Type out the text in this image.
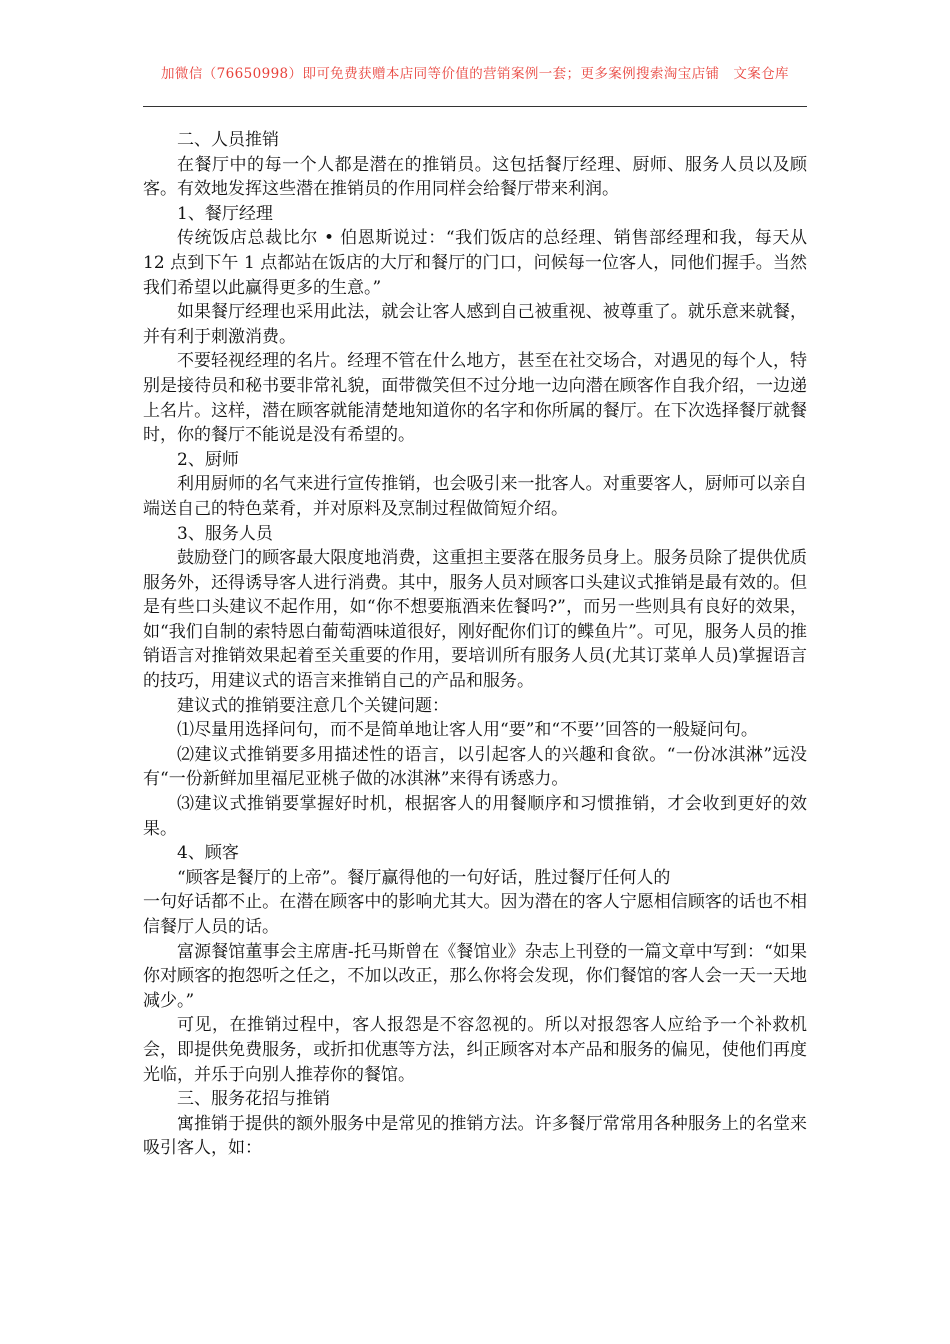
加微信（76650998）即可免费获赠本店同等价值的营销案例一套；更多案例搜索淘宝店铺　文案仓库

二、人员推销

在餐厅中的每一个人都是潜在的推销员。这包括餐厅经理、厨师、服务人员以及顾客。有效地发挥这些潜在推销员的作用同样会给餐厅带来利润。

1、餐厅经理

传统饭店总裁比尔 • 伯恩斯说过：“我们饭店的总经理、销售部经理和我，每天从 12 点到下午 1 点都站在饭店的大厅和餐厅的门口，问候每一位客人，同他们握手。当然我们希望以此赢得更多的生意。”

如果餐厅经理也采用此法，就会让客人感到自己被重视、被尊重了。就乐意来就餐，并有利于刺激消费。

不要轻视经理的名片。经理不管在什么地方，甚至在社交场合，对遇见的每个人，特别是接待员和秘书要非常礼貌，面带微笑但不过分地一边向潜在顾客作自我介绍，一边递上名片。这样，潜在顾客就能清楚地知道你的名字和你所属的餐厅。在下次选择餐厅就餐时，你的餐厅不能说是没有希望的。

2、厨师

利用厨师的名气来进行宣传推销，也会吸引来一批客人。对重要客人，厨师可以亲自端送自己的特色菜肴，并对原料及烹制过程做简短介绍。

3、服务人员

鼓励登门的顾客最大限度地消费，这重担主要落在服务员身上。服务员除了提供优质服务外，还得诱导客人进行消费。其中，服务人员对顾客口头建议式推销是最有效的。但是有些口头建议不起作用，如“你不想要瓶酒来佐餐吗?”，而另一些则具有良好的效果，如“我们自制的索特恩白葡萄酒味道很好，刚好配你们订的鲽鱼片”。可见，服务人员的推销语言对推销效果起着至关重要的作用，要培训所有服务人员(尤其订菜单人员)掌握语言的技巧，用建议式的语言来推销自己的产品和服务。

建议式的推销要注意几个关键问题：

⑴尽量用选择问句，而不是简单地让客人用“要”和“不要’’回答的一般疑问句。

⑵建议式推销要多用描述性的语言，以引起客人的兴趣和食欲。“一份冰淇淋”远没有“一份新鲜加里福尼亚桃子做的冰淇淋”来得有诱惑力。

⑶建议式推销要掌握好时机，根据客人的用餐顺序和习惯推销，才会收到更好的效果。

4、顾客

“顾客是餐厅的上帝”。餐厅赢得他的一句好话，胜过餐厅任何人的

一句好话都不止。在潜在顾客中的影响尤其大。因为潜在的客人宁愿相信顾客的话也不相信餐厅人员的话。

富源餐馆董事会主席唐-托马斯曾在《餐馆业》杂志上刊登的一篇文章中写到：“如果你对顾客的抱怨听之任之，不加以改正，那么你将会发现，你们餐馆的客人会一天一天地减少。”

可见，在推销过程中，客人报怨是不容忽视的。所以对报怨客人应给予一个补救机会，即提供免费服务，或折扣优惠等方法，纠正顾客对本产品和服务的偏见，使他们再度光临，并乐于向别人推荐你的餐馆。

三、服务花招与推销

寓推销于提供的额外服务中是常见的推销方法。许多餐厅常常用各种服务上的名堂来吸引客人，如：
